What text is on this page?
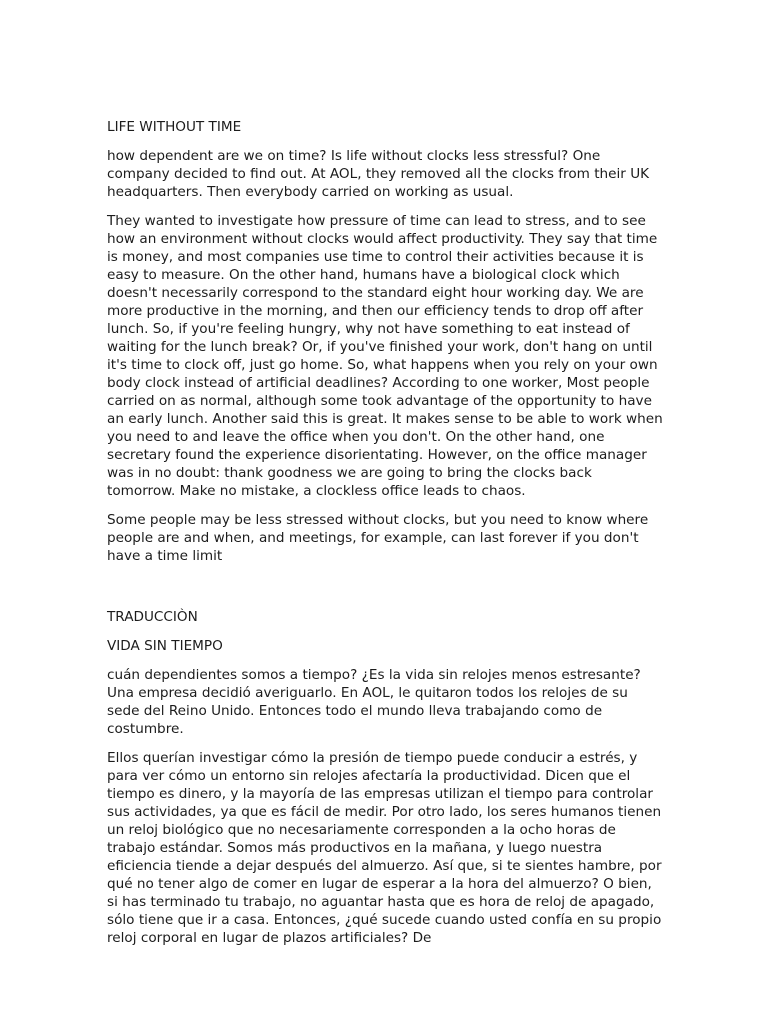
LIFE WITHOUT TIME

how dependent are we on time? Is life without clocks less stressful? One company decided to find out. At AOL, they removed all the clocks from their UK headquarters. Then everybody carried on working as usual.

They wanted to investigate how pressure of time can lead to stress, and to see how an environment without clocks would affect productivity. They say that time is money, and most companies use time to control their activities because it is easy to measure. On the other hand, humans have a biological clock which doesn't necessarily correspond to the standard eight hour working day. We are more productive in the morning, and then our efficiency tends to drop off after lunch. So, if you're feeling hungry, why not have something to eat instead of waiting for the lunch break? Or, if you've finished your work, don't hang on until it's time to clock off, just go home. So, what happens when you rely on your own body clock instead of artificial deadlines? According to one worker, Most people carried on as normal, although some took advantage of the opportunity to have an early lunch. Another said this is great. It makes sense to be able to work when you need to and leave the office when you don't. On the other hand, one secretary found the experience disorientating. However, on the office manager was in no doubt: thank goodness we are going to bring the clocks back tomorrow. Make no mistake, a clockless office leads to chaos.

Some people may be less stressed without clocks, but you need to know where people are and when, and meetings, for example, can last forever if you don't have a time limit

TRADUCCIÒN

VIDA SIN TIEMPO

cuán dependientes somos a tiempo? ¿Es la vida sin relojes menos estresante? Una empresa decidió averiguarlo. En AOL, le quitaron todos los relojes de su sede del Reino Unido. Entonces todo el mundo lleva trabajando como de costumbre.

Ellos querían investigar cómo la presión de tiempo puede conducir a estrés, y para ver cómo un entorno sin relojes afectaría la productividad. Dicen que el tiempo es dinero, y la mayoría de las empresas utilizan el tiempo para controlar sus actividades, ya que es fácil de medir. Por otro lado, los seres humanos tienen un reloj biológico que no necesariamente corresponden a la ocho horas de trabajo estándar. Somos más productivos en la mañana, y luego nuestra eficiencia tiende a dejar después del almuerzo. Así que, si te sientes hambre, por qué no tener algo de comer en lugar de esperar a la hora del almuerzo? O bien, si has terminado tu trabajo, no aguantar hasta que es hora de reloj de apagado, sólo tiene que ir a casa. Entonces, ¿qué sucede cuando usted confía en su propio reloj corporal en lugar de plazos artificiales? De
